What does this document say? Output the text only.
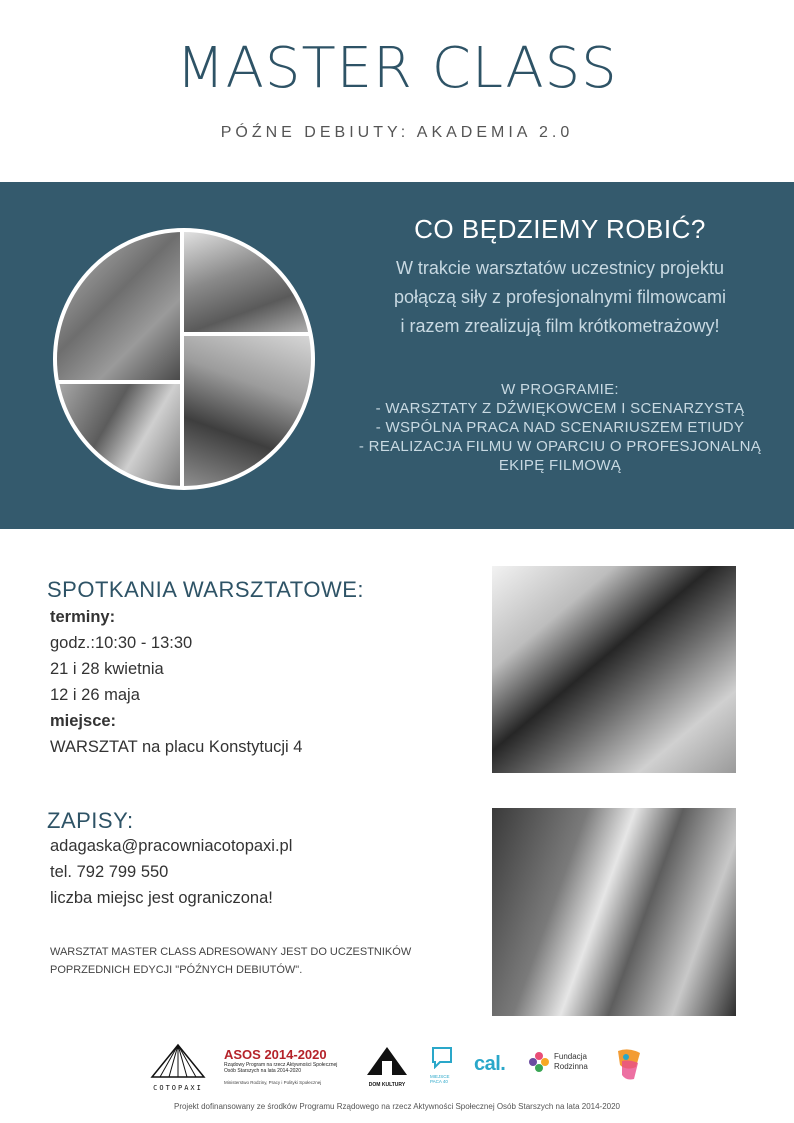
MASTER CLASS
PÓŹNE DEBIUTY: AKADEMIA 2.0
CO BĘDZIEMY ROBIĆ?
W trakcie warsztatów uczestnicy projektu
połączą siły z profesjonalnymi filmowcami
i razem zrealizują film krótkometrażowy!
W PROGRAMIE:
- WARSZTATY Z DŹWIĘKOWCEM I SCENARZYSTĄ
- WSPÓLNA PRACA NAD SCENARIUSZEM ETIUDY
- REALIZACJA FILMU W OPARCIU O PROFESJONALNĄ
EKIPĘ FILMOWĄ
SPOTKANIA WARSZTATOWE:
terminy:
godz.:10:30 - 13:30
21 i 28 kwietnia
12 i 26 maja
miejsce:
WARSZTAT na placu Konstytucji 4
ZAPISY:
adagaska@pracowniacotopaxi.pl
tel. 792 799 550
liczba miejsc jest ograniczona!
WARSZTAT MASTER CLASS ADRESOWANY JEST DO UCZESTNIKÓW
POPRZEDNICH EDYCJI "PÓŹNYCH DEBIUTÓW".
COTOPAXI
ASOS 2014-2020
Rządowy Program na rzecz Aktywności Społecznej
Osób Starszych na lata 2014-2020
Ministerstwo Rodziny, Pracy i Polityki Społecznej	DOM KULTURY
MIEJSCE
PACA 40
cal.	Fundacja
Rodzinna
Projekt dofinansowany ze środków Programu Rządowego na rzecz Aktywności Społecznej Osób Starszych na lata 2014-2020
